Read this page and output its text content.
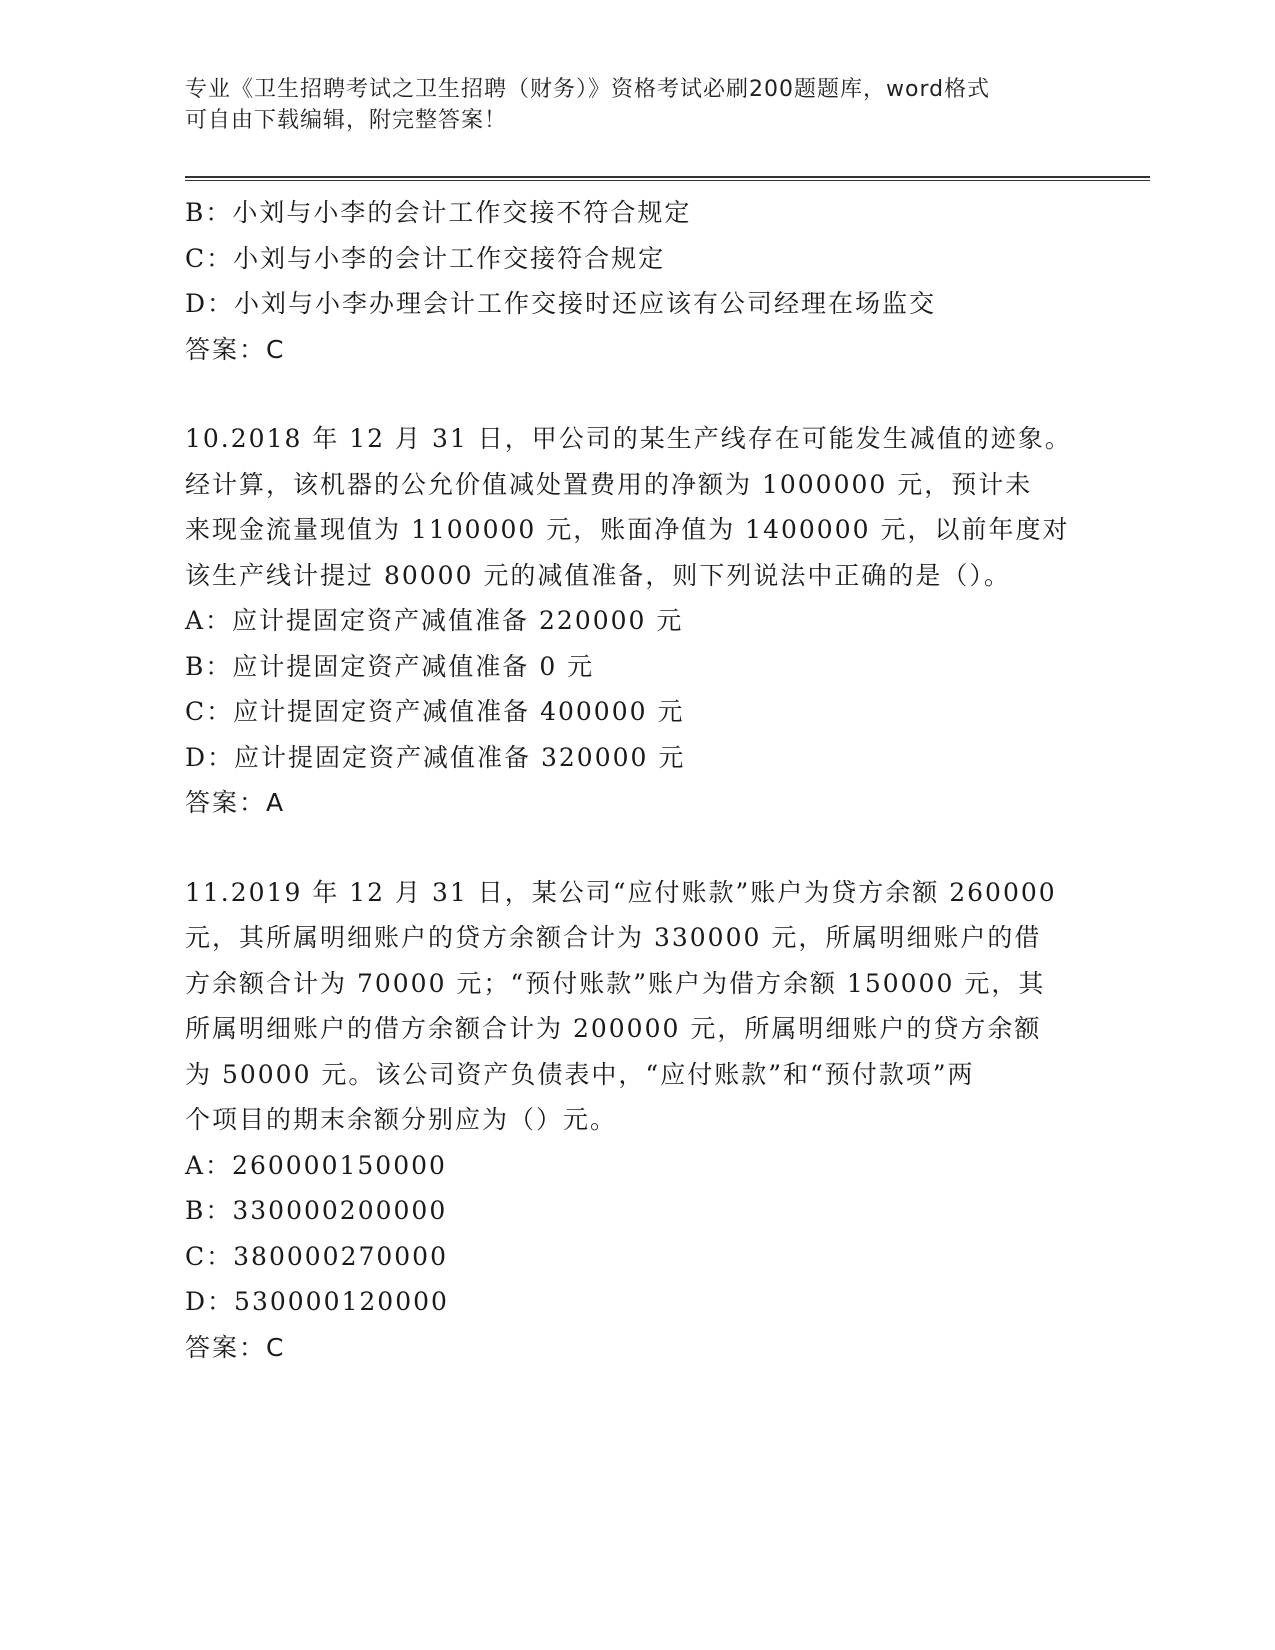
专业《卫生招聘考试之卫生招聘（财务）》资格考试必刷200题题库，word格式
可自由下载编辑，附完整答案！
B：小刘与小李的会计工作交接不符合规定
C：小刘与小李的会计工作交接符合规定
D：小刘与小李办理会计工作交接时还应该有公司经理在场监交
答案：C
10.2018 年 12 月 31 日，甲公司的某生产线存在可能发生减值的迹象。
经计算，该机器的公允价值减处置费用的净额为 1000000 元，预计未
来现金流量现值为 1100000 元，账面净值为 1400000 元，以前年度对
该生产线计提过 80000 元的减值准备，则下列说法中正确的是（）。
A：应计提固定资产减值准备 220000 元
B：应计提固定资产减值准备 0 元
C：应计提固定资产减值准备 400000 元
D：应计提固定资产减值准备 320000 元
答案：A
11.2019 年 12 月 31 日，某公司“应付账款”账户为贷方余额 260000
元，其所属明细账户的贷方余额合计为 330000 元，所属明细账户的借
方余额合计为 70000 元；“预付账款”账户为借方余额 150000 元，其
所属明细账户的借方余额合计为 200000 元，所属明细账户的贷方余额
为 50000 元。该公司资产负债表中，“应付账款”和“预付款项”两
个项目的期末余额分别应为（）元。
A：260000150000
B：330000200000
C：380000270000
D：530000120000
答案：C
